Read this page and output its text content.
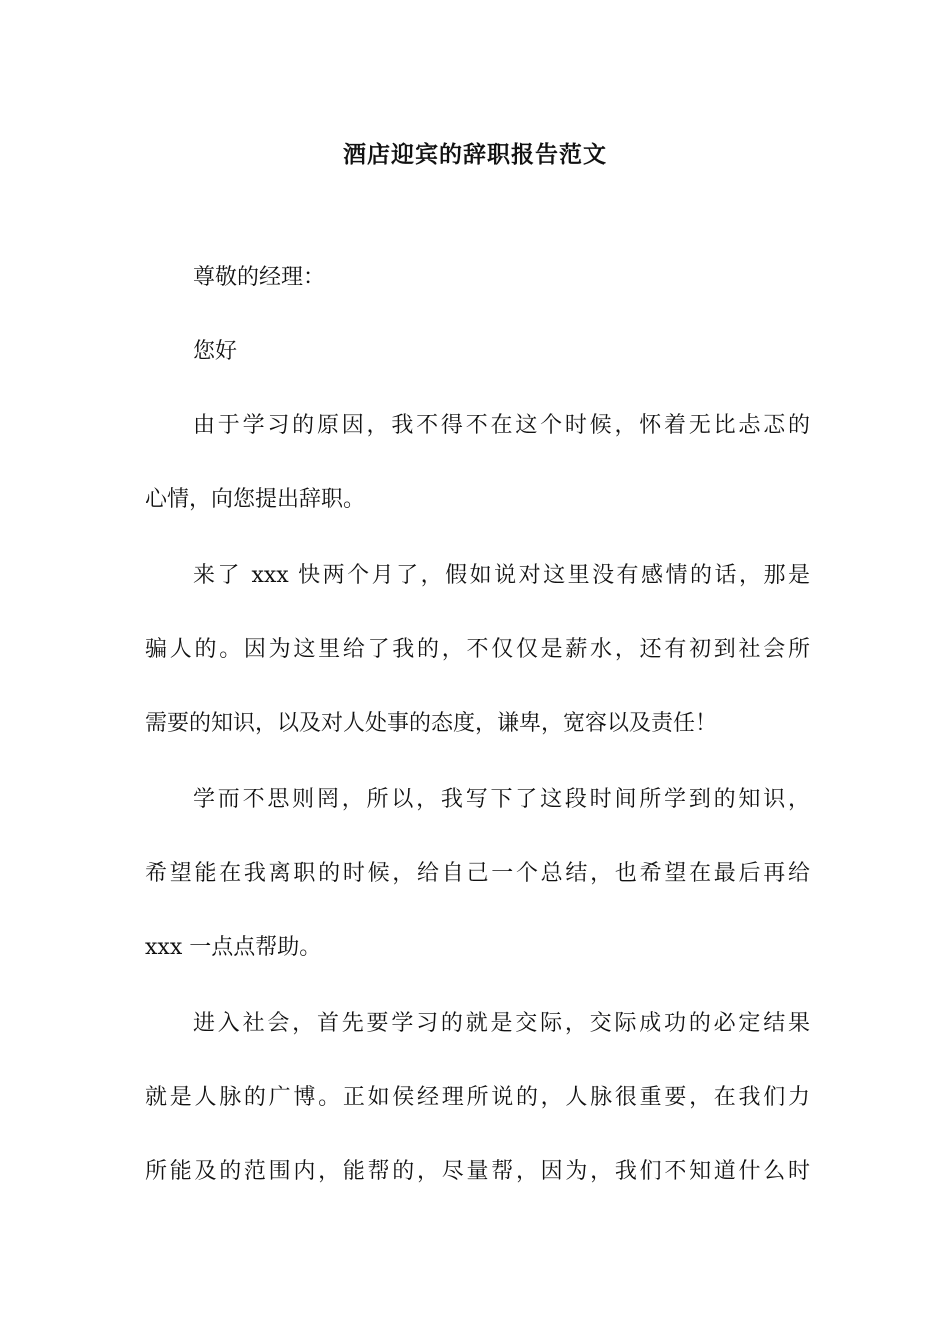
酒店迎宾的辞职报告范文
尊敬的经理：
您好
由于学习的原因，我不得不在这个时候，怀着无比忐忑的
心情，向您提出辞职。
来了 xxx 快两个月了，假如说对这里没有感情的话，那是
骗人的。因为这里给了我的，不仅仅是薪水，还有初到社会所
需要的知识，以及对人处事的态度，谦卑，宽容以及责任！
学而不思则罔，所以，我写下了这段时间所学到的知识，
希望能在我离职的时候，给自己一个总结，也希望在最后再给
xxx 一点点帮助。
进入社会，首先要学习的就是交际，交际成功的必定结果
就是人脉的广博。正如侯经理所说的，人脉很重要，在我们力
所能及的范围内，能帮的，尽量帮，因为，我们不知道什么时
